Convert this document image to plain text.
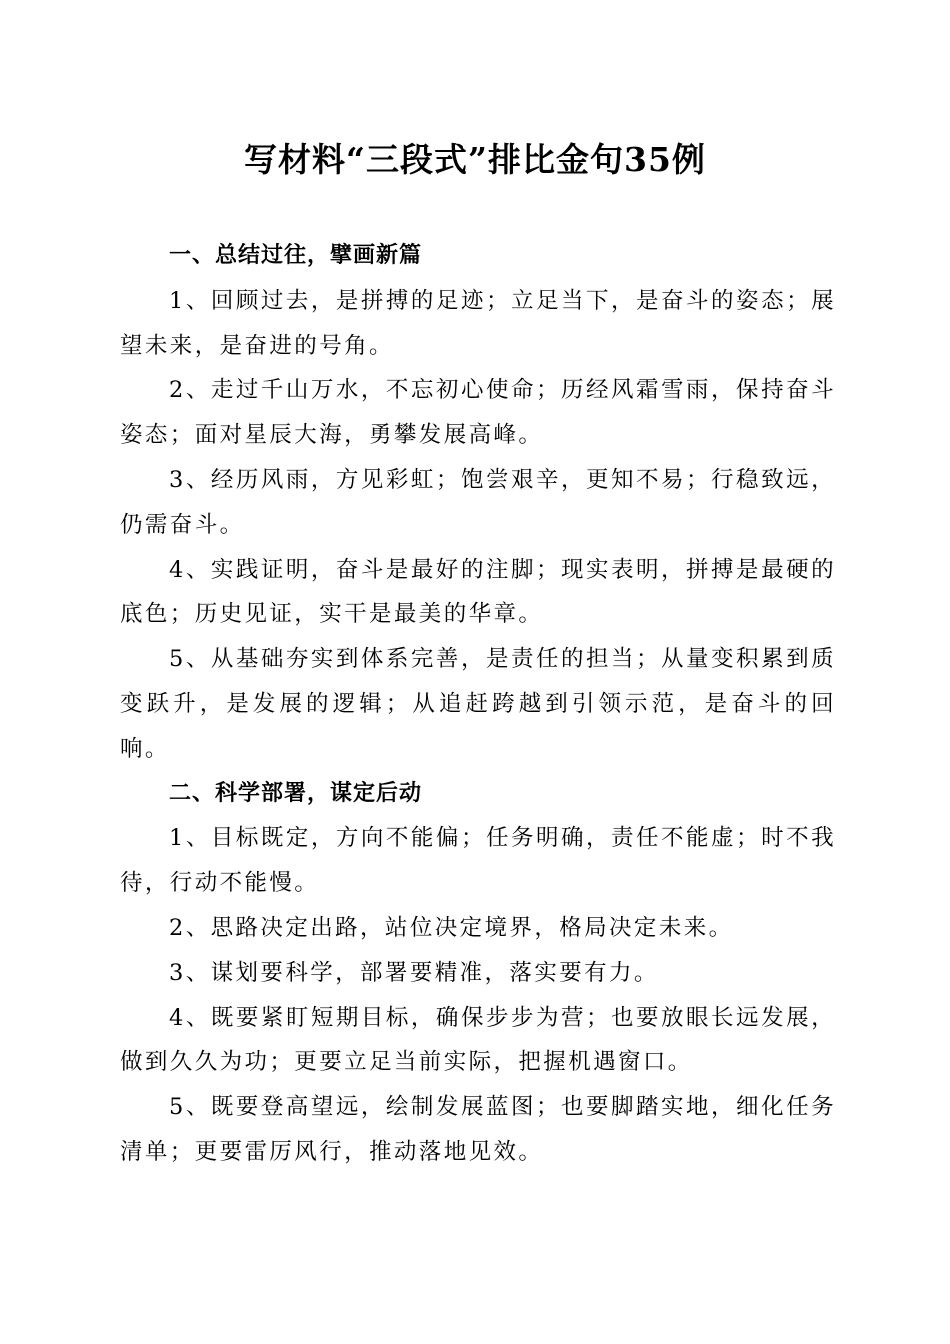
写材料“三段式”排比金句35例

一、总结过往，擘画新篇

1、回顾过去，是拼搏的足迹；立足当下，是奋斗的姿态；展望未来，是奋进的号角。

2、走过千山万水，不忘初心使命；历经风霜雪雨，保持奋斗姿态；面对星辰大海，勇攀发展高峰。

3、经历风雨，方见彩虹；饱尝艰辛，更知不易；行稳致远，仍需奋斗。

4、实践证明，奋斗是最好的注脚；现实表明，拼搏是最硬的底色；历史见证，实干是最美的华章。

5、从基础夯实到体系完善，是责任的担当；从量变积累到质变跃升，是发展的逻辑；从追赶跨越到引领示范，是奋斗的回响。

二、科学部署，谋定后动

1、目标既定，方向不能偏；任务明确，责任不能虚；时不我待，行动不能慢。

2、思路决定出路，站位决定境界，格局决定未来。

3、谋划要科学，部署要精准，落实要有力。

4、既要紧盯短期目标，确保步步为营；也要放眼长远发展，做到久久为功；更要立足当前实际，把握机遇窗口。

5、既要登高望远，绘制发展蓝图；也要脚踏实地，细化任务清单；更要雷厉风行，推动落地见效。
